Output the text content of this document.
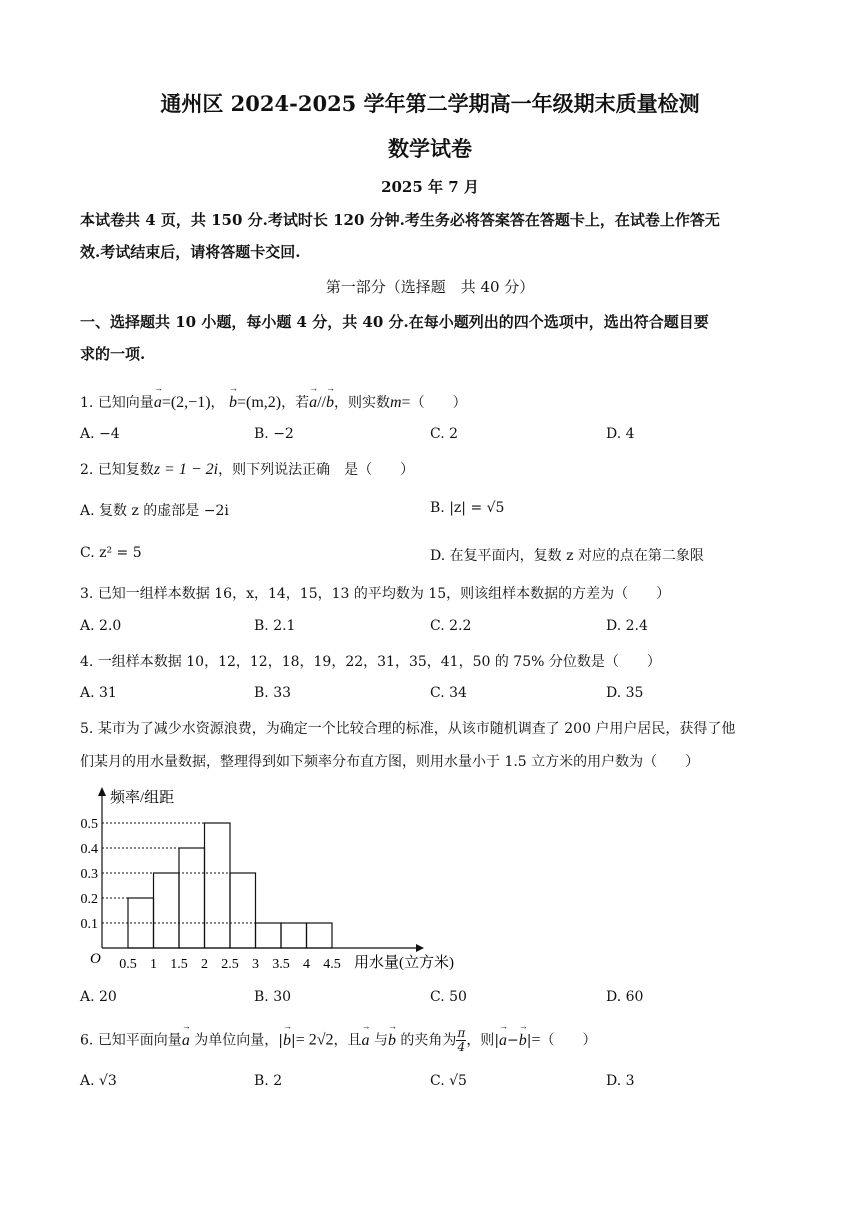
通州区 2024-2025 学年第二学期高一年级期末质量检测
数学试卷
2025 年 7 月
本试卷共 4 页，共 150 分.考试时长 120 分钟.考生务必将答案答在答题卡上，在试卷上作答无
效.考试结束后，请将答题卡交回.
第一部分（选择题　共 40 分）
一、选择题共 10 小题，每小题 4 分，共 40 分.在每小题列出的四个选项中，选出符合题目要
求的一项.
1. 已知向量→ a=(2,−1)， → b=(m,2)，若→ a//→ b，则实数m=（　　）
A. −4	B. −2	C. 2	D. 4
2. 已知复数z = 1 − 2i，则下列说法正确　是（　　）
A. 复数 z 的虚部是 −2i	B. |z| = √5
C. z² = 5	D. 在复平面内，复数 z 对应的点在第二象限
3. 已知一组样本数据 16，x，14，15，13 的平均数为 15，则该组样本数据的方差为（　　）
A. 2.0	B. 2.1	C. 2.2	D. 2.4
4. 一组样本数据 10，12，12，18，19，22，31，35，41，50 的 75% 分位数是（　　）
A. 31	B. 33	C. 34	D. 35
5. 某市为了减少水资源浪费，为确定一个比较合理的标准，从该市随机调查了 200 户用户居民，获得了他
们某月的用水量数据，整理得到如下频率分布直方图，则用水量小于 1.5 立方米的用户数为（　　）
0.1
0.2
0.3
0.4
0.5
0.5 1 1.5 2 2.5 3 3.5 4 4.5
频率/组距
用水量(立方米)
O
A. 20	B. 30	C. 50	D. 60
6. 已知平面向量→ a 为单位向量，|→ b|= 2√2，且→ a 与→ b 的夹角为 $\frac{\pi}{4}$ ，则|→ a−→ b|=（　　）
A. √3	B. 2	C. √5	D. 3
